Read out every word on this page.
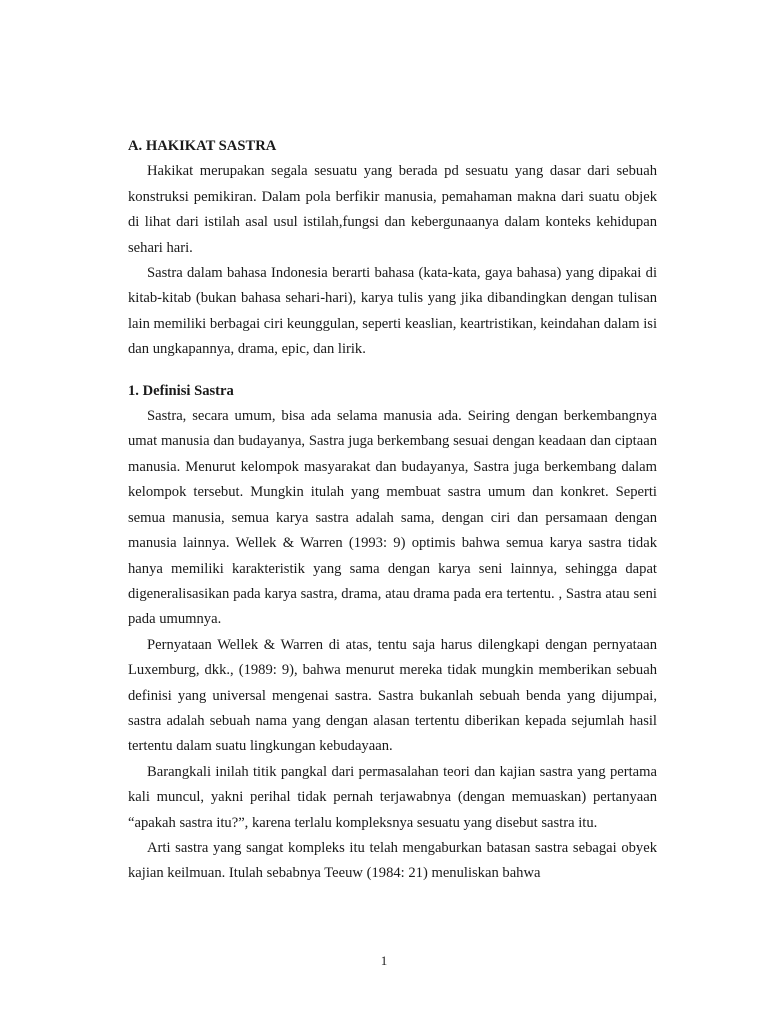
A. HAKIKAT SASTRA

Hakikat merupakan segala sesuatu yang berada pd sesuatu yang dasar dari sebuah konstruksi pemikiran. Dalam pola berfikir manusia, pemahaman makna dari suatu objek di lihat dari istilah asal usul istilah,fungsi dan kebergunaanya dalam konteks kehidupan sehari hari.

Sastra dalam bahasa Indonesia berarti bahasa (kata-kata, gaya bahasa) yang dipakai di kitab-kitab (bukan bahasa sehari-hari), karya tulis yang jika dibandingkan dengan tulisan lain memiliki berbagai ciri keunggulan, seperti keaslian, keartristikan, keindahan dalam isi dan ungkapannya, drama, epic, dan lirik.

1. Definisi Sastra

Sastra, secara umum, bisa ada selama manusia ada. Seiring dengan berkembangnya umat manusia dan budayanya, Sastra juga berkembang sesuai dengan keadaan dan ciptaan manusia. Menurut kelompok masyarakat dan budayanya, Sastra juga berkembang dalam kelompok tersebut. Mungkin itulah yang membuat sastra umum dan konkret. Seperti semua manusia, semua karya sastra adalah sama, dengan ciri dan persamaan dengan manusia lainnya. Wellek & Warren (1993: 9) optimis bahwa semua karya sastra tidak hanya memiliki karakteristik yang sama dengan karya seni lainnya, sehingga dapat digeneralisasikan pada karya sastra, drama, atau drama pada era tertentu. , Sastra atau seni pada umumnya.

Pernyataan Wellek & Warren di atas, tentu saja harus dilengkapi dengan pernyataan Luxemburg, dkk., (1989: 9), bahwa menurut mereka tidak mungkin memberikan sebuah definisi yang universal mengenai sastra. Sastra bukanlah sebuah benda yang dijumpai, sastra adalah sebuah nama yang dengan alasan tertentu diberikan kepada sejumlah hasil tertentu dalam suatu lingkungan kebudayaan.

Barangkali inilah titik pangkal dari permasalahan teori dan kajian sastra yang pertama kali muncul, yakni perihal tidak pernah terjawabnya (dengan memuaskan) pertanyaan “apakah sastra itu?”, karena terlalu kompleksnya sesuatu yang disebut sastra itu.

Arti sastra yang sangat kompleks itu telah mengaburkan batasan sastra sebagai obyek kajian keilmuan. Itulah sebabnya Teeuw (1984: 21) menuliskan bahwa

1
